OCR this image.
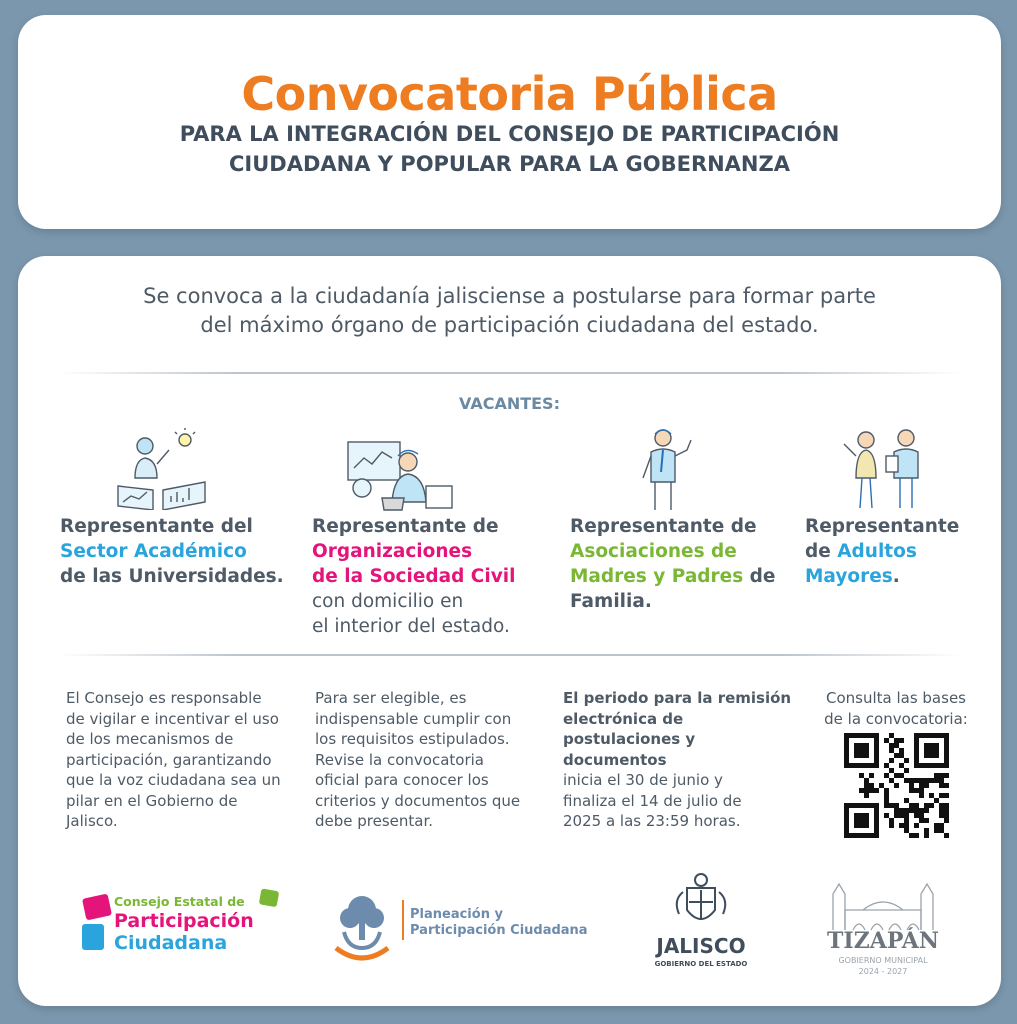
Convocatoria Pública
PARA LA INTEGRACIÓN DEL CONSEJO DE PARTICIPACIÓN
CIUDADANA Y POPULAR PARA LA GOBERNANZA
Se convoca a la ciudadanía jalisciense a postularse para formar parte
del máximo órgano de participación ciudadana del estado.
VACANTES:
Representante del
Sector Académico
de las Universidades.
Representante de
Organizaciones
de la Sociedad Civil
con domicilio en
el interior del estado.
Representante de
Asociaciones de
Madres y Padres de
Familia.
Representante
de Adultos
Mayores.
El Consejo es responsable
de vigilar e incentivar el uso
de los mecanismos de
participación, garantizando
que la voz ciudadana sea un
pilar en el Gobierno de
Jalisco.
Para ser elegible, es
indispensable cumplir con
los requisitos estipulados.
Revise la convocatoria
oficial para conocer los
criterios y documentos que
debe presentar.
El periodo para la remisión
electrónica de
postulaciones y
documentos
inicia el 30 de junio y
finaliza el 14 de julio de
2025 a las 23:59 horas.
Consulta las bases
de la convocatoria:
Consejo Estatal de
Participación
Ciudadana
Planeación y
Participación Ciudadana
JALISCO
GOBIERNO DEL ESTADO
TIZAPÁN
GOBIERNO MUNICIPAL
2024 - 2027
